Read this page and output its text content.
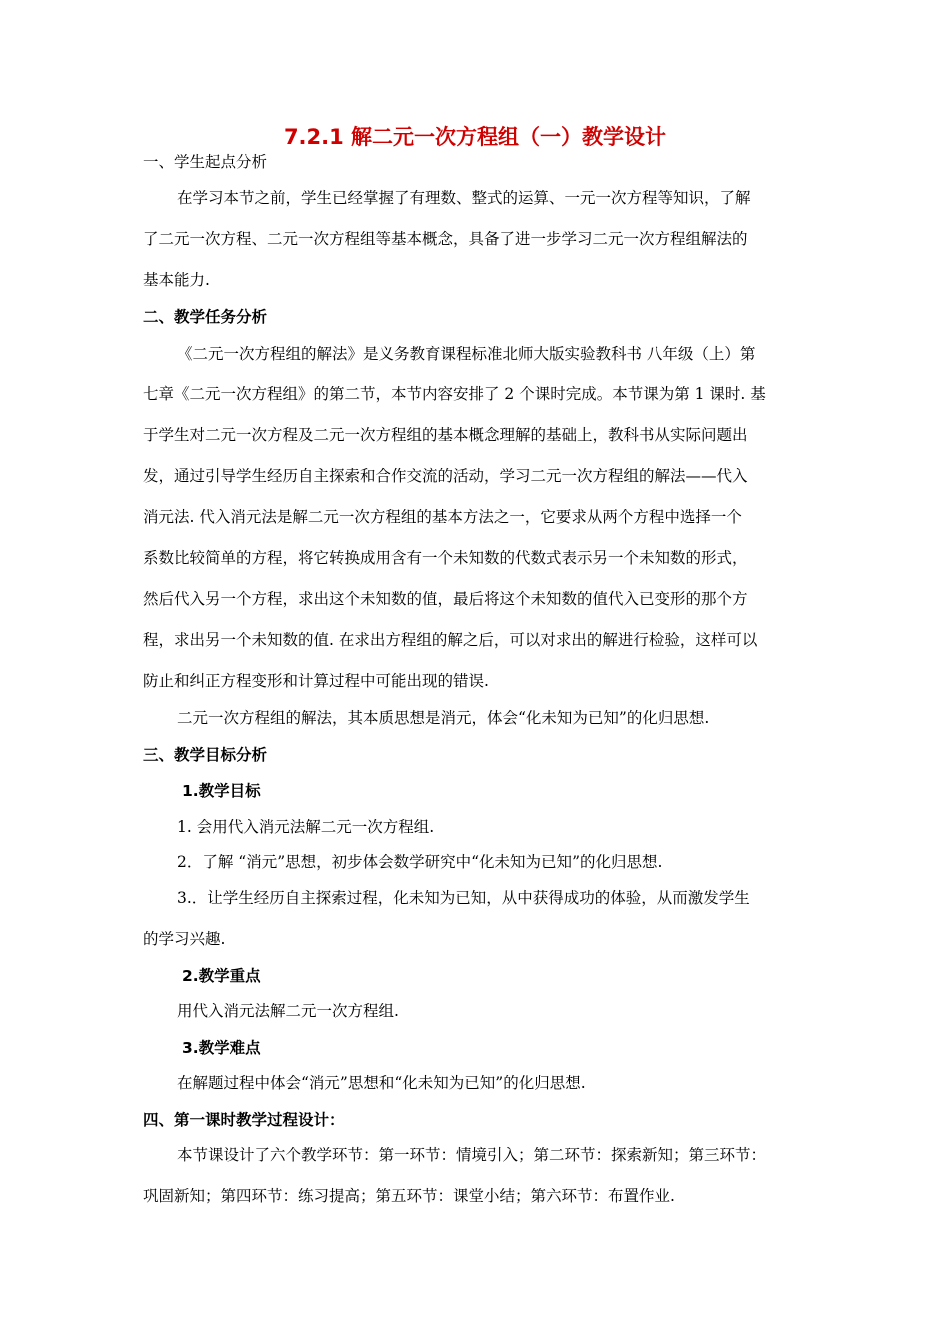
7.2.1 解二元一次方程组（一）教学设计
一、学生起点分析
在学习本节之前，学生已经掌握了有理数、整式的运算、一元一次方程等知识，了解
了二元一次方程、二元一次方程组等基本概念，具备了进一步学习二元一次方程组解法的
基本能力.
二、教学任务分析
《二元一次方程组的解法》是义务教育课程标准北师大版实验教科书 八年级（上）第
七章《二元一次方程组》的第二节，本节内容安排了 2 个课时完成。本节课为第 1 课时. 基
于学生对二元一次方程及二元一次方程组的基本概念理解的基础上，教科书从实际问题出
发，通过引导学生经历自主探索和合作交流的活动，学习二元一次方程组的解法——代入
消元法. 代入消元法是解二元一次方程组的基本方法之一，它要求从两个方程中选择一个
系数比较简单的方程，将它转换成用含有一个未知数的代数式表示另一个未知数的形式，
然后代入另一个方程，求出这个未知数的值，最后将这个未知数的值代入已变形的那个方
程，求出另一个未知数的值. 在求出方程组的解之后，可以对求出的解进行检验，这样可以
防止和纠正方程变形和计算过程中可能出现的错误.
二元一次方程组的解法，其本质思想是消元，体会“化未知为已知”的化归思想.
三、教学目标分析
1.教学目标
1. 会用代入消元法解二元一次方程组.
2．了解 “消元”思想，初步体会数学研究中“化未知为已知”的化归思想.
3.．让学生经历自主探索过程，化未知为已知，从中获得成功的体验，从而激发学生
的学习兴趣.
2.教学重点
用代入消元法解二元一次方程组.
3.教学难点
在解题过程中体会“消元”思想和“化未知为已知”的化归思想.
四、第一课时教学过程设计：
本节课设计了六个教学环节：第一环节：情境引入；第二环节：探索新知；第三环节：
巩固新知；第四环节：练习提高；第五环节：课堂小结；第六环节：布置作业.
